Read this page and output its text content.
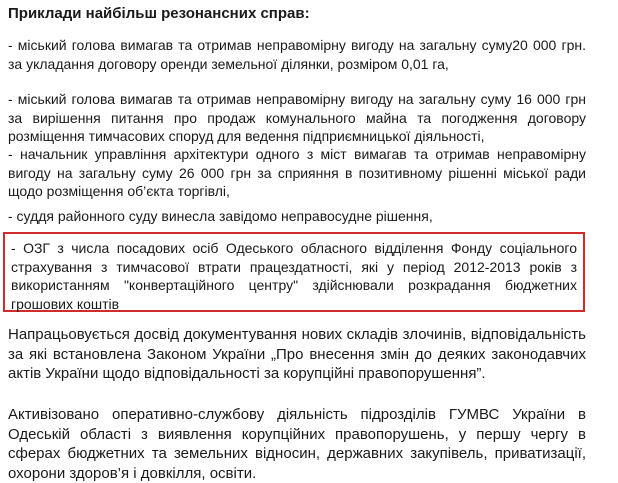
Приклади найбільш резонансних справ:

- міський голова вимагав та отримав неправомірну вигоду на загальну суму20 000 грн. за укладання договору оренди земельної ділянки, розміром 0,01 га,

- міський голова вимагав та отримав неправомірну вигоду на загальну суму 16 000 грн за вирішення питання про продаж комунального майна та погодження договору розміщення тимчасових споруд для ведення підприємницької діяльності,

- начальник управління архітектури одного з міст вимагав та отримав неправомірну вигоду на загальну суму 26 000 грн за сприяння в позитивному рішенні міської ради щодо розміщення об’єкта торгівлі,

- суддя районного суду винесла завідомо неправосудне рішення,

- ОЗГ з числа посадових осіб Одеського обласного відділення Фонду соціального страхування з тимчасової втрати працездатності, які у період 2012-2013 років з використанням "конвертаційного центру" здійснювали розкрадання бюджетних грошових коштів

Напрацьовується досвід документування нових складів злочинів, відповідальність за які встановлена Законом України „Про внесення змін до деяких законодавчих актів України щодо відповідальності за корупційні правопорушення”.

Активізовано оперативно-службову діяльність підрозділів ГУМВС України в Одеській області з виявлення корупційних правопорушень, у першу чергу в сферах бюджетних та земельних відносин, державних закупівель, приватизації, охорони здоров’я і довкілля, освіти.
